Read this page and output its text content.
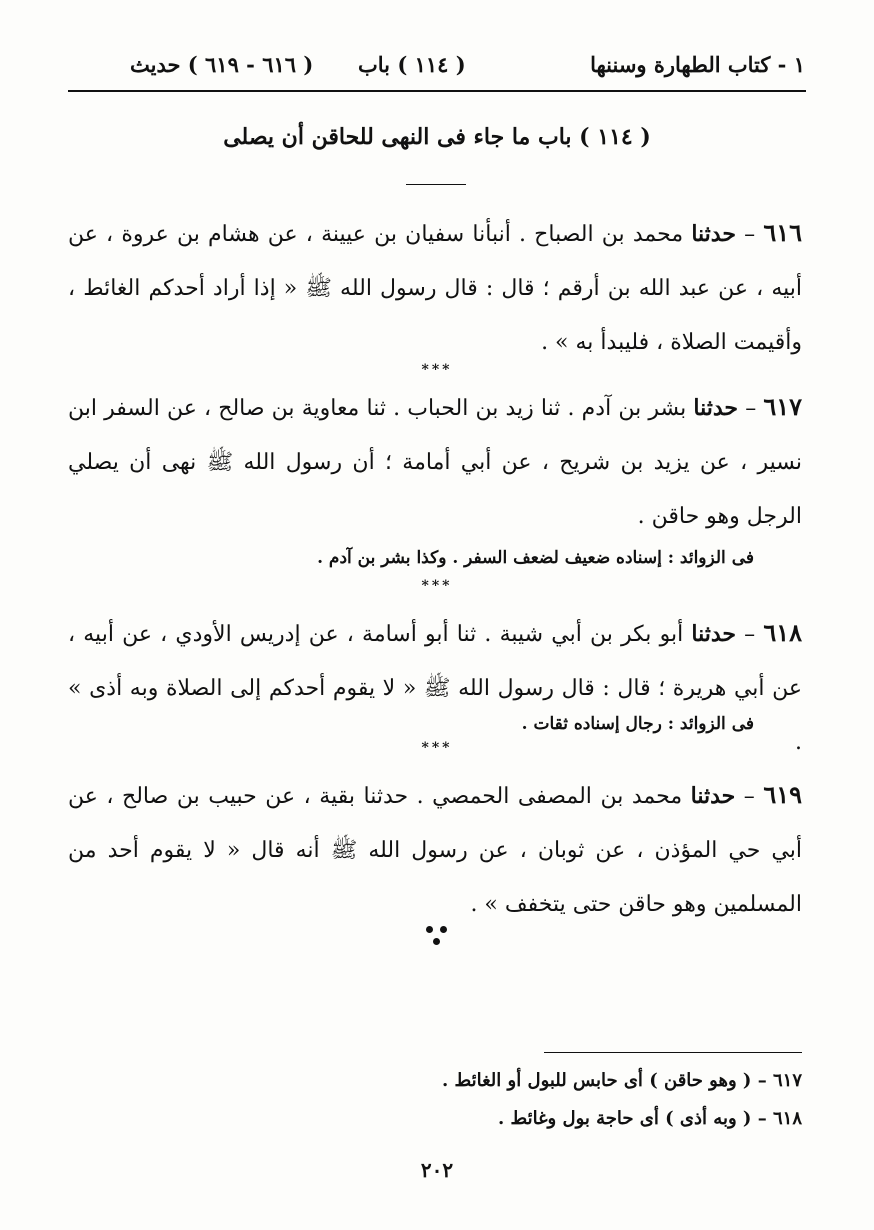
١ - كتاب الطهارة وسننها
( ١١٤ ) باب
( ٦١٦ - ٦١٩ ) حديث
( ١١٤ ) باب ما جاء فى النهى للحاقن أن يصلى
٦١٦ – حدثنا محمد بن الصباح . أنبأنا سفيان بن عيينة ، عن هشام بن عروة ، عن أبيه ، عن عبد الله بن أرقم ؛ قال : قال رسول الله ﷺ « إذا أراد أحدكم الغائط ، وأقيمت الصلاة ، فليبدأ به » .
***
٦١٧ – حدثنا بشر بن آدم . ثنا زيد بن الحباب . ثنا معاوية بن صالح ، عن السفر ابن نسير ، عن يزيد بن شريح ، عن أبي أمامة ؛ أن رسول الله ﷺ نهى أن يصلي الرجل وهو حاقن .
فى الزوائد : إسناده ضعيف لضعف السفر . وكذا بشر بن آدم .
***
٦١٨ – حدثنا أبو بكر بن أبي شيبة . ثنا أبو أسامة ، عن إدريس الأودي ، عن أبيه ، عن أبي هريرة ؛ قال : قال رسول الله ﷺ « لا يقوم أحدكم إلى الصلاة وبه أذى » .
فى الزوائد : رجال إسناده ثقات .
***
٦١٩ – حدثنا محمد بن المصفى الحمصي . حدثنا بقية ، عن حبيب بن صالح ، عن أبي حي المؤذن ، عن ثوبان ، عن رسول الله ﷺ أنه قال « لا يقوم أحد من المسلمين وهو حاقن حتى يتخفف » .
٦١٧ – ( وهو حاقن ) أى حابس للبول أو الغائط .
٦١٨ – ( وبه أذى ) أى حاجة بول وغائط .
٢٠٢
